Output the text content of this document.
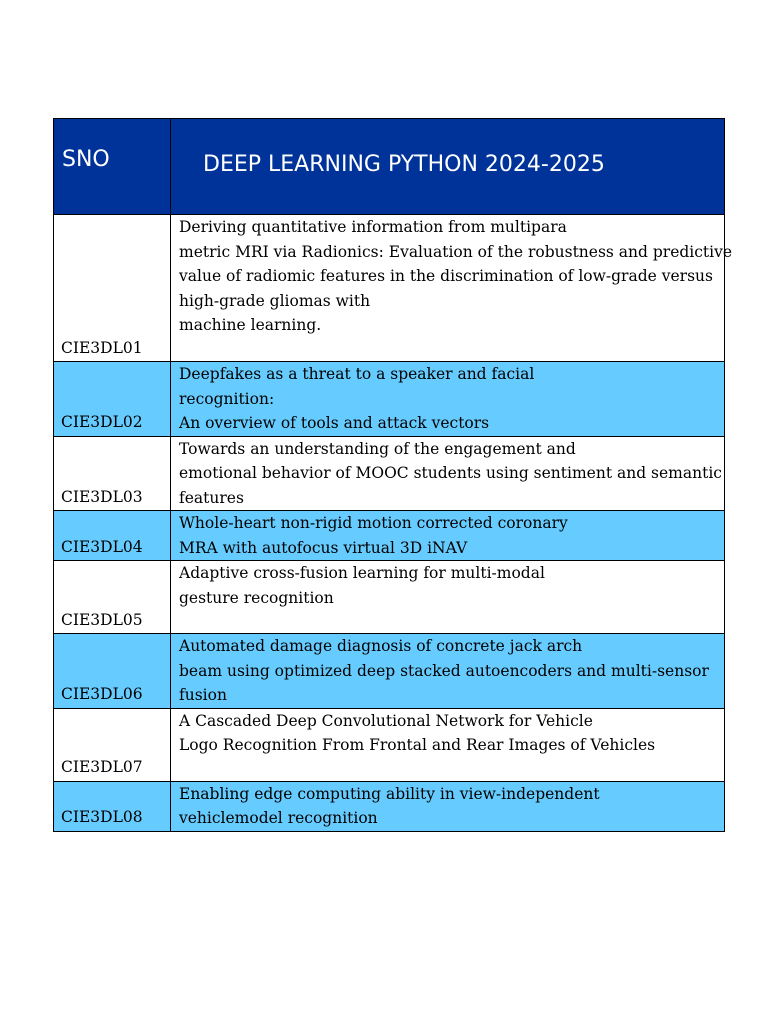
SNO	DEEP LEARNING PYTHON 2024-2025
CIE3DL01	Deriving quantitative information from multipara
metric MRI via Radionics: Evaluation of the robustness and predictive
value of radiomic features in the discrimination of low-grade versus
high-grade gliomas with
machine learning.

CIE3DL02	Deepfakes as a threat to a speaker and facial
recognition:
An overview of tools and attack vectors

CIE3DL03	Towards an understanding of the engagement and
emotional behavior of MOOC students using sentiment and semantic
features

CIE3DL04	Whole-heart non-rigid motion corrected coronary
MRA with autofocus virtual 3D iNAV

CIE3DL05	Adaptive cross-fusion learning for multi-modal
gesture recognition

CIE3DL06	Automated damage diagnosis of concrete jack arch
beam using optimized deep stacked autoencoders and multi-sensor
fusion

CIE3DL07	A Cascaded Deep Convolutional Network for Vehicle
Logo Recognition From Frontal and Rear Images of Vehicles

CIE3DL08	Enabling edge computing ability in view-independent
vehiclemodel recognition
